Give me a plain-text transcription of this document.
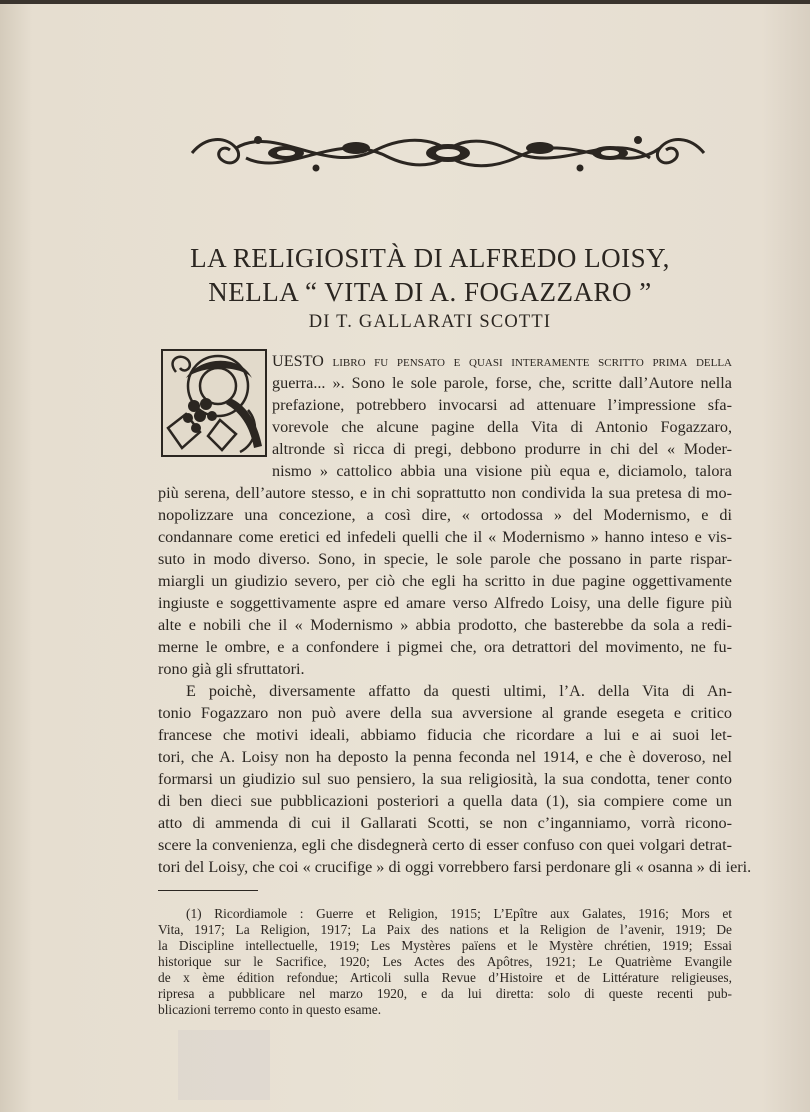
LA RELIGIOSITÀ DI ALFREDO LOISY,
NELLA “ VITA DI A. FOGAZZARO ”

DI T. GALLARATI SCOTTI

UESTO libro fu pensato e quasi interamente scritto prima della

guerra... ». Sono le sole parole, forse, che, scritte dall’Autore nella

prefazione, potrebbero invocarsi ad attenuare l’impressione sfa-

vorevole che alcune pagine della Vita di Antonio Fogazzaro,

altronde sì ricca di pregi, debbono produrre in chi del « Moder-

nismo » cattolico abbia una visione più equa e, diciamolo, talora

più serena, dell’autore stesso, e in chi soprattutto non condivida la sua pretesa di mo-

nopolizzare una concezione, a così dire, « ortodossa » del Modernismo, e di

condannare come eretici ed infedeli quelli che il « Modernismo » hanno inteso e vis-

suto in modo diverso. Sono, in specie, le sole parole che possano in parte rispar-

miargli un giudizio severo, per ciò che egli ha scritto in due pagine oggettivamente

ingiuste e soggettivamente aspre ed amare verso Alfredo Loisy, una delle figure più

alte e nobili che il « Modernismo » abbia prodotto, che basterebbe da sola a redi-

merne le ombre, e a confondere i pigmei che, ora detrattori del movimento, ne fu-

rono già gli sfruttatori.

E poichè, diversamente affatto da questi ultimi, l’A. della Vita di An-

tonio Fogazzaro non può avere della sua avversione al grande esegeta e critico

francese che motivi ideali, abbiamo fiducia che ricordare a lui e ai suoi let-

tori, che A. Loisy non ha deposto la penna feconda nel 1914, e che è doveroso, nel

formarsi un giudizio sul suo pensiero, la sua religiosità, la sua condotta, tener conto

di ben dieci sue pubblicazioni posteriori a quella data (1), sia compiere come un

atto di ammenda di cui il Gallarati Scotti, se non c’inganniamo, vorrà ricono-

scere la convenienza, egli che disdegnerà certo di esser confuso con quei volgari detrat-

tori del Loisy, che coi « crucifige » di oggi vorrebbero farsi perdonare gli « osanna » di ieri.

(1) Ricordiamole : Guerre et Religion, 1915; L’Epître aux Galates, 1916; Mors et

Vita, 1917; La Religion, 1917; La Paix des nations et la Religion de l’avenir, 1919; De

la Discipline intellectuelle, 1919; Les Mystères païens et le Mystère chrétien, 1919; Essai

historique sur le Sacrifice, 1920; Les Actes des Apôtres, 1921; Le Quatrième Evangile

de x ème édition refondue; Articoli sulla Revue d’Histoire et de Littérature religieuses,

ripresa a pubblicare nel marzo 1920, e da lui diretta: solo di queste recenti pub-

blicazioni terremo conto in questo esame.
